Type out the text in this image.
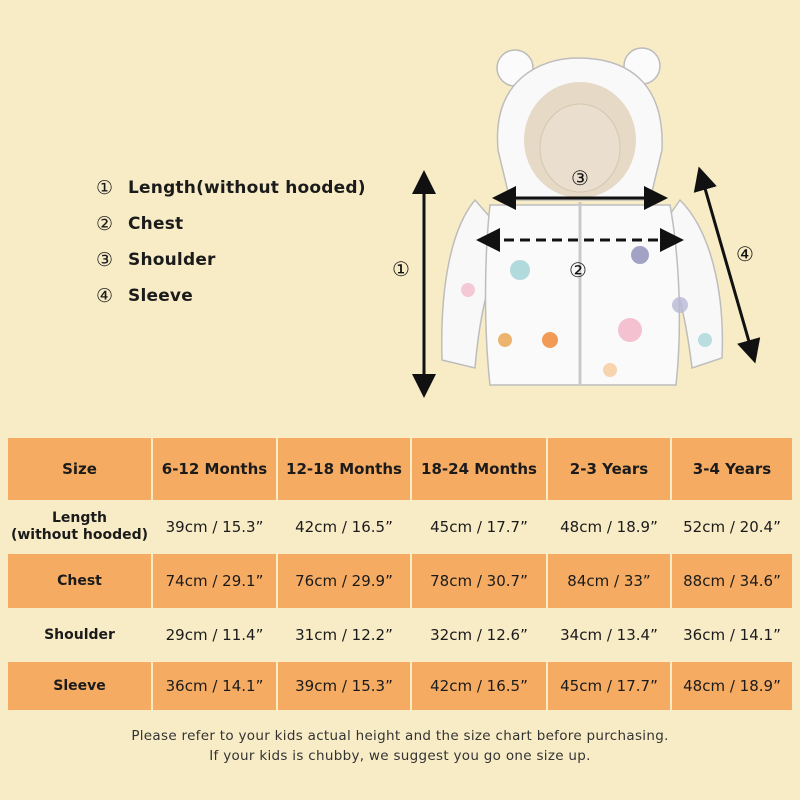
① Length(without hooded)
② Chest
③ Shoulder
④ Sleeve
①
③
②
④
Size	6-12 Months	12-18 Months	18-24 Months	2-3 Years	3-4 Years

Length
(without hooded)	39cm / 15.3”	42cm / 16.5”	45cm / 17.7”	48cm / 18.9”	52cm / 20.4”
Chest	74cm / 29.1”	76cm / 29.9”	78cm / 30.7”	84cm / 33”	88cm / 34.6”
Shoulder	29cm / 11.4”	31cm / 12.2”	32cm / 12.6”	34cm / 13.4”	36cm / 14.1”
Sleeve	36cm / 14.1”	39cm / 15.3”	42cm / 16.5”	45cm / 17.7”	48cm / 18.9”
Please refer to your kids actual height and the size chart before purchasing.
If your kids is chubby, we suggest you go one size up.
